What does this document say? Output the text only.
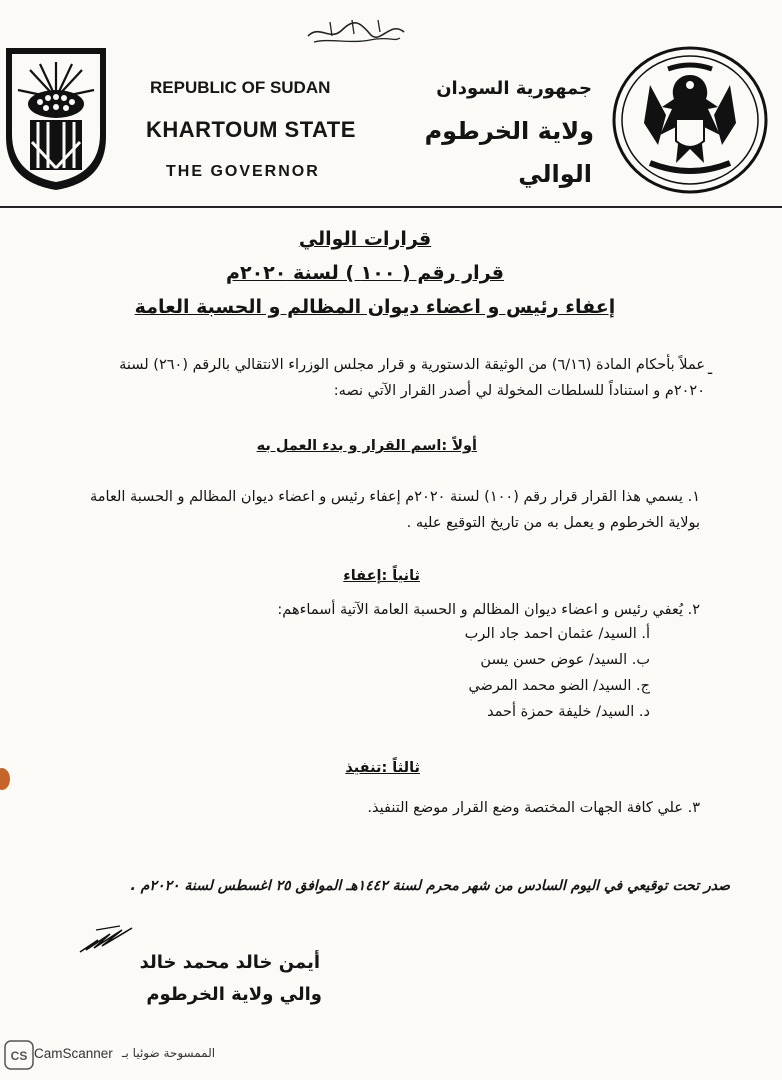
REPUBLIC OF SUDAN
KHARTOUM STATE
THE GOVERNOR
جمهورية السودان
ولاية الخرطوم
الوالي
قرارات الوالي
قرار رقم ( ١٠٠ ) لسنة ٢٠٢٠م
إعفاء رئيس و اعضاء ديوان المظالم و الحسبة العامة
-
عملاً بأحكام المادة (٦/١٦) من الوثيقة الدستورية و قرار مجلس الوزراء الانتقالي بالرقم (٢٦٠) لسنة ٢٠٢٠م و استناداً للسلطات المخولة لي أصدر القرار الآتي نصه:
أولاً :اسم القرار و بدء العمل به
١. يسمي هذا القرار قرار رقم (١٠٠) لسنة ٢٠٢٠م إعفاء رئيس و اعضاء ديوان المظالم و الحسبة العامة بولاية الخرطوم و يعمل به من تاريخ التوقيع عليه .
ثانياً :إعفاء
٢. يُعفي رئيس و اعضاء ديوان المظالم و الحسبة العامة الآتية أسماءهم:
أ. السيد/ عثمان احمد جاد الرب
ب. السيد/ عوض حسن يسن
ج. السيد/ الضو محمد المرضي
د. السيد/ خليفة حمزة أحمد
ثالثاً :تنفيذ
٣. علي كافة الجهات المختصة وضع القرار موضع التنفيذ.
صدر تحت توقيعي في اليوم السادس من شهر محرم لسنة ١٤٤٢هـ الموافق ٢٥ اغسطس لسنة ٢٠٢٠م .
أيمن خالد محمد خالد
والي ولاية الخرطوم
CS CamScanner الممسوحة ضوئيا بـ
